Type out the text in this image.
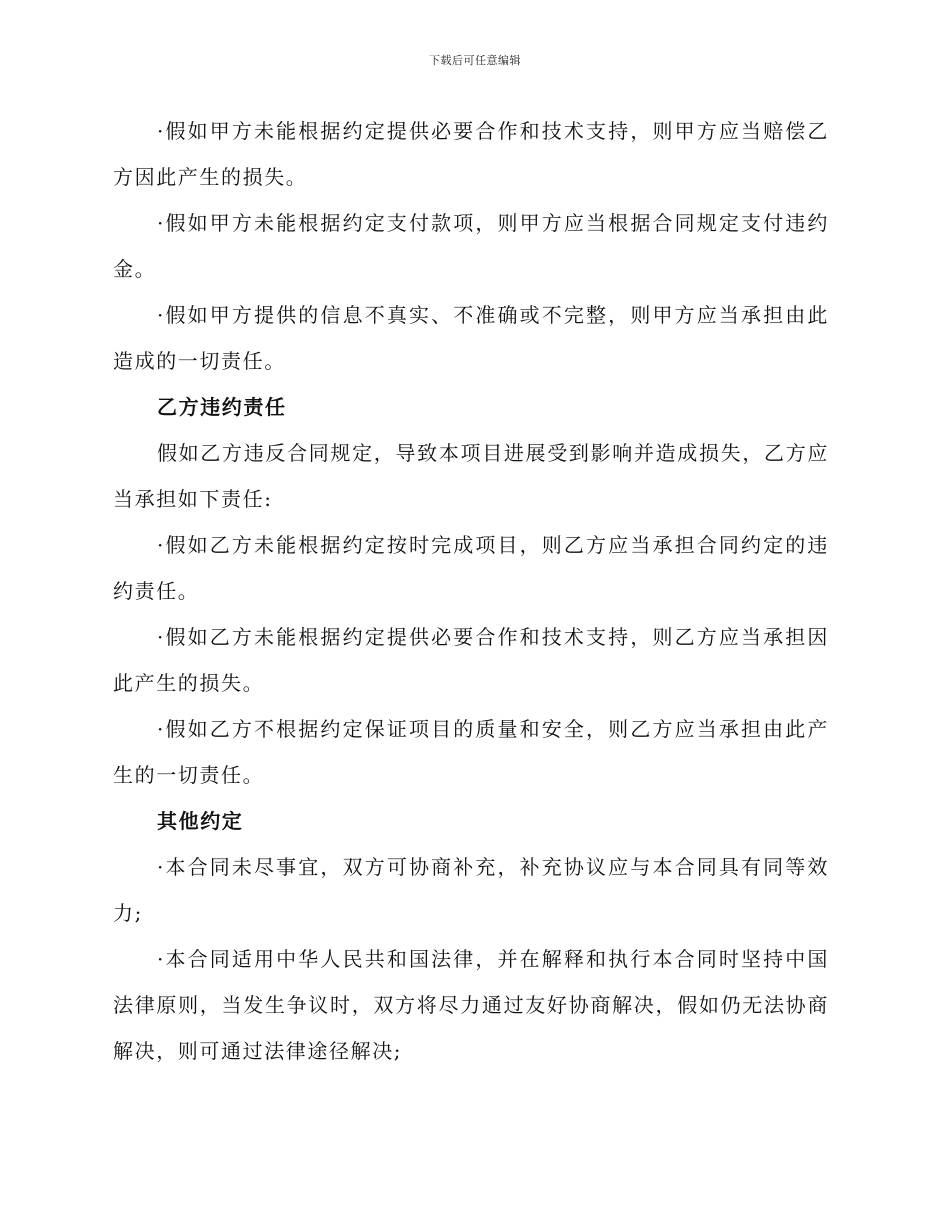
下载后可任意编辑

·假如甲方未能根据约定提供必要合作和技术支持，则甲方应当赔偿乙方因此产生的损失。

·假如甲方未能根据约定支付款项，则甲方应当根据合同规定支付违约金。

·假如甲方提供的信息不真实、不准确或不完整，则甲方应当承担由此造成的一切责任。

乙方违约责任

假如乙方违反合同规定，导致本项目进展受到影响并造成损失，乙方应当承担如下责任:

·假如乙方未能根据约定按时完成项目，则乙方应当承担合同约定的违约责任。

·假如乙方未能根据约定提供必要合作和技术支持，则乙方应当承担因此产生的损失。

·假如乙方不根据约定保证项目的质量和安全，则乙方应当承担由此产生的一切责任。

其他约定

·本合同未尽事宜，双方可协商补充，补充协议应与本合同具有同等效力;

·本合同适用中华人民共和国法律，并在解释和执行本合同时坚持中国法律原则，当发生争议时，双方将尽力通过友好协商解决，假如仍无法协商解决，则可通过法律途径解决;
